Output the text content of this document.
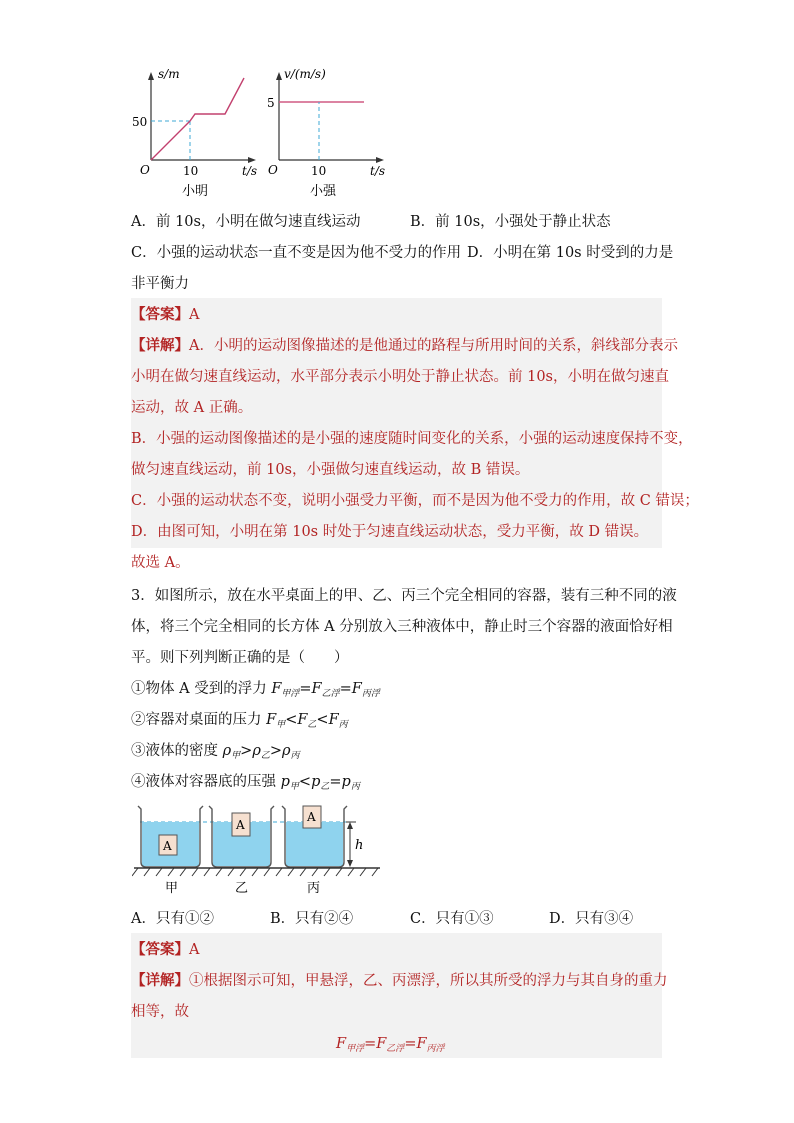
s/m
50
O	10	t/s
小明
v/(m/s)
5
O	10	t/s
小强
A．前 10s，小明在做匀速直线运动	B．前 10s，小强处于静止状态
C．小强的运动状态一直不变是因为他不受力的作用 D．小明在第 10s 时受到的力是
非平衡力
【答案】A
【详解】A．小明的运动图像描述的是他通过的路程与所用时间的关系，斜线部分表示
小明在做匀速直线运动，水平部分表示小明处于静止状态。前 10s，小明在做匀速直
运动，故 A 正确。
B．小强的运动图像描述的是小强的速度随时间变化的关系，小强的运动速度保持不变，
做匀速直线运动，前 10s，小强做匀速直线运动，故 B 错误。
C．小强的运动状态不变，说明小强受力平衡，而不是因为他不受力的作用，故 C 错误；
D．由图可知，小明在第 10s 时处于匀速直线运动状态，受力平衡，故 D 错误。
故选 A。
3．如图所示，放在水平桌面上的甲、乙、丙三个完全相同的容器，装有三种不同的液
体，将三个完全相同的长方体 A 分别放入三种液体中，静止时三个容器的液面恰好相
平。则下列判断正确的是（　　）
①物体 A 受到的浮力 $F_{甲浮}=F_{乙浮}=F_{丙浮}$
②容器对桌面的压力 $F_甲<F_乙<F_丙$
③液体的密度 $\rho_甲>\rho_乙>\rho_丙$
④液体对容器底的压强 $p_甲<p_乙=p_丙$
A
A
A
h
甲	乙	丙
A．只有①②	B．只有②④	C．只有①③	D．只有③④
【答案】A
【详解】①根据图示可知，甲悬浮，乙、丙漂浮，所以其所受的浮力与其自身的重力
相等，故
$F_{甲浮}=F_{乙浮}=F_{丙浮}$
